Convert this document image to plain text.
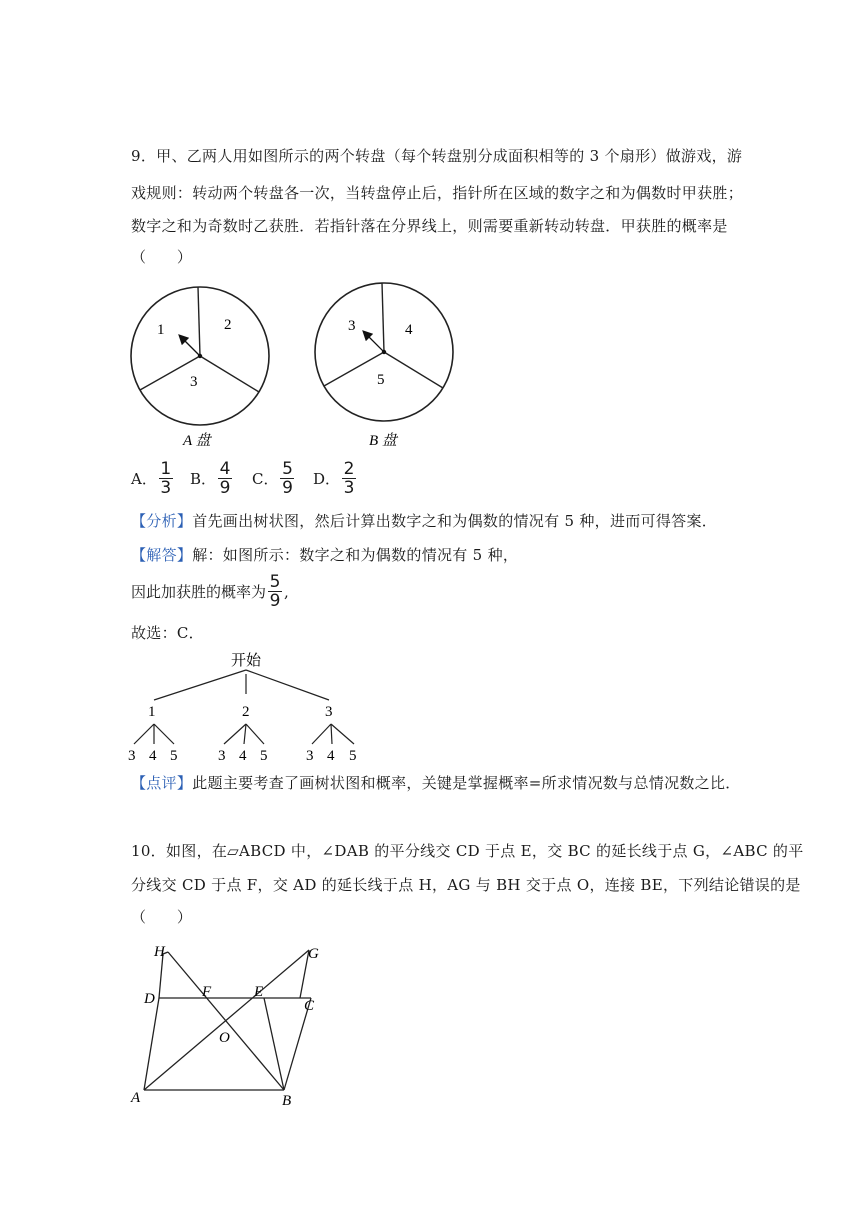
9．甲、乙两人用如图所示的两个转盘（每个转盘别分成面积相等的 3 个扇形）做游戏，游
戏规则：转动两个转盘各一次，当转盘停止后，指针所在区域的数字之和为偶数时甲获胜；
数字之和为奇数时乙获胜．若指针落在分界线上，则需要重新转动转盘．甲获胜的概率是
（　　）
1	2
3
A 盘
3	4
5
B 盘
A． $\frac{1}{3}$ B． $\frac{4}{9}$ C． $\frac{5}{9}$ D． $\frac{2}{3}$
【分析】首先画出树状图，然后计算出数字之和为偶数的情况有 5 种，进而可得答案．
【解答】解：如图所示：数字之和为偶数的情况有 5 种，
因此加获胜的概率为 $\frac{5}{9}$ ,
故选：C．
开始
1	2	3
3 4 5	3 4 5	3 4 5
【点评】此题主要考查了画树状图和概率，关键是掌握概率=所求情况数与总情况数之比．
10．如图，在▱ABCD 中，∠DAB 的平分线交 CD 于点 E，交 BC 的延长线于点 G，∠ABC 的平
分线交 CD 于点 F，交 AD 的延长线于点 H，AG 与 BH 交于点 O，连接 BE，下列结论错误的是
（　　）
H	G
D	F	E
C
O
A	B
